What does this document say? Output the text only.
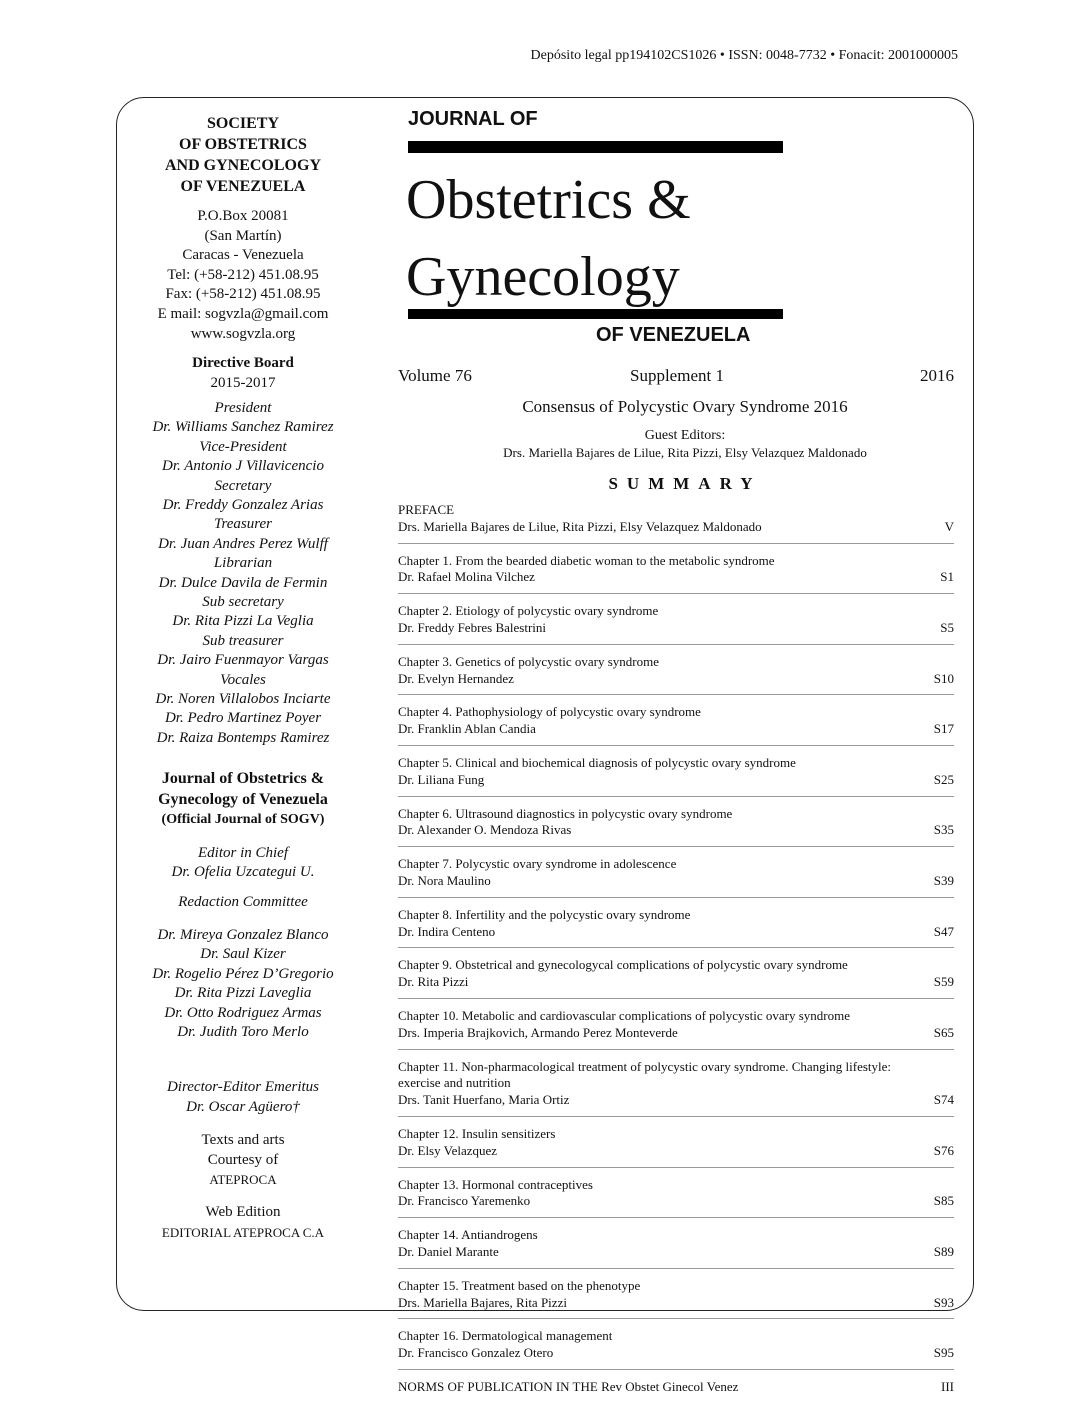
Depósito legal pp194102CS1026 • ISSN: 0048-7732 • Fonacit: 2001000005
SOCIETY
OF OBSTETRICS
AND GYNECOLOGY
OF VENEZUELA
P.O.Box 20081
(San Martín)
Caracas - Venezuela
Tel: (+58-212) 451.08.95
Fax: (+58-212) 451.08.95
E mail: sogvzla@gmail.com
www.sogvzla.org
Directive Board
2015-2017
President
Dr. Williams Sanchez Ramirez
Vice-President
Dr. Antonio J Villavicencio
Secretary
Dr. Freddy Gonzalez Arias
Treasurer
Dr. Juan Andres Perez Wulff
Librarian
Dr. Dulce Davila de Fermin
Sub secretary
Dr. Rita Pizzi La Veglia
Sub treasurer
Dr. Jairo Fuenmayor Vargas
Vocales
Dr. Noren Villalobos Inciarte
Dr. Pedro Martinez Poyer
Dr. Raiza Bontemps Ramirez
Journal of Obstetrics &
Gynecology of Venezuela
(Official Journal of SOGV)
Editor in Chief
Dr. Ofelia Uzcategui U.
Redaction Committee
Dr. Mireya Gonzalez Blanco
Dr. Saul Kizer
Dr. Rogelio Pérez D’Gregorio
Dr. Rita Pizzi Laveglia
Dr. Otto Rodriguez Armas
Dr. Judith Toro Merlo
Director-Editor Emeritus
Dr. Oscar Agüero†
Texts and arts
Courtesy of
ATEPROCA
Web Edition
EDITORIAL ATEPROCA C.A
JOURNAL OF
Obstetrics &
Gynecology
OF VENEZUELA
Volume 76	Supplement 1	2016
Consensus of Polycystic Ovary Syndrome 2016
Guest Editors:
Drs. Mariella Bajares de Lilue, Rita Pizzi, Elsy Velazquez Maldonado
SUMMARY
PREFACE
Drs. Mariella Bajares de Lilue, Rita Pizzi, Elsy Velazquez Maldonado	V
Chapter 1. From the bearded diabetic woman to the metabolic syndrome
Dr. Rafael Molina Vilchez	S1
Chapter 2. Etiology of polycystic ovary syndrome
Dr. Freddy Febres Balestrini	S5
Chapter 3. Genetics of polycystic ovary syndrome
Dr. Evelyn Hernandez	S10
Chapter 4. Pathophysiology of polycystic ovary syndrome
Dr. Franklin Ablan Candia	S17
Chapter 5. Clinical and biochemical diagnosis of polycystic ovary syndrome
Dr. Liliana Fung	S25
Chapter 6. Ultrasound diagnostics in polycystic ovary syndrome
Dr. Alexander O. Mendoza Rivas	S35
Chapter 7. Polycystic ovary syndrome in adolescence
Dr. Nora Maulino	S39
Chapter 8. Infertility and the polycystic ovary syndrome
Dr. Indira Centeno	S47
Chapter 9. Obstetrical and gynecologycal complications of polycystic ovary syndrome
Dr. Rita Pizzi	S59
Chapter 10. Metabolic and cardiovascular complications of polycystic ovary syndrome
Drs. Imperia Brajkovich, Armando Perez Monteverde	S65
Chapter 11. Non-pharmacological treatment of polycystic ovary syndrome. Changing lifestyle: exercise and nutrition
Drs. Tanit Huerfano, Maria Ortiz	S74
Chapter 12. Insulin sensitizers
Dr. Elsy Velazquez	S76
Chapter 13. Hormonal contraceptives
Dr. Francisco Yaremenko	S85
Chapter 14. Antiandrogens
Dr. Daniel Marante	S89
Chapter 15. Treatment based on the phenotype
Drs. Mariella Bajares, Rita Pizzi	S93
Chapter 16. Dermatological management
Dr. Francisco Gonzalez Otero	S95
NORMS OF PUBLICATION IN THE Rev Obstet Ginecol Venez	III
